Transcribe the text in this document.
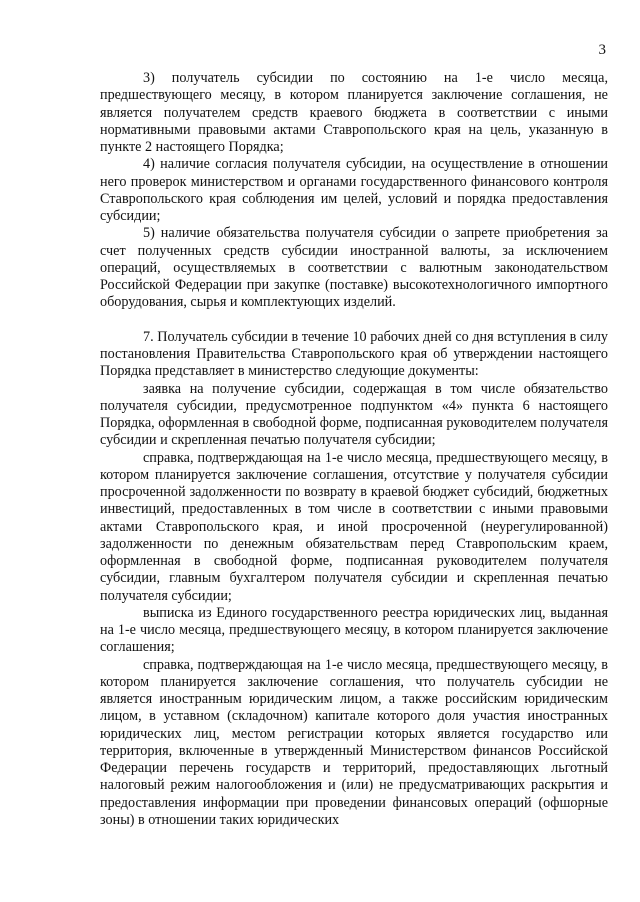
3

3) получатель субсидии по состоянию на 1-е число месяца, предшествующего месяцу, в котором планируется заключение соглашения, не является получателем средств краевого бюджета в соответствии с иными нормативными правовыми актами Ставропольского края на цель, указанную в пункте 2 настоящего Порядка;

4) наличие согласия получателя субсидии, на осуществление в отношении него проверок министерством и органами государственного финансового контроля Ставропольского края соблюдения им целей, условий и порядка предоставления субсидии;

5) наличие обязательства получателя субсидии о запрете приобретения за счет полученных средств субсидии иностранной валюты, за исключением операций, осуществляемых в соответствии с валютным законодательством Российской Федерации при закупке (поставке) высокотехнологичного импортного оборудования, сырья и комплектующих изделий.

7. Получатель субсидии в течение 10 рабочих дней со дня вступления в силу постановления Правительства Ставропольского края об утверждении настоящего Порядка представляет в министерство следующие документы:

заявка на получение субсидии, содержащая в том числе обязательство получателя субсидии, предусмотренное подпунктом «4» пункта 6 настоящего Порядка, оформленная в свободной форме, подписанная руководителем получателя субсидии и скрепленная печатью получателя субсидии;

справка, подтверждающая на 1-е число месяца, предшествующего месяцу, в котором планируется заключение соглашения, отсутствие у получателя субсидии просроченной задолженности по возврату в краевой бюджет субсидий, бюджетных инвестиций, предоставленных в том числе в соответствии с иными правовыми актами Ставропольского края, и иной просроченной (неурегулированной) задолженности по денежным обязательствам перед Ставропольским краем, оформленная в свободной форме, подписанная руководителем получателя субсидии, главным бухгалтером получателя субсидии и скрепленная печатью получателя субсидии;

выписка из Единого государственного реестра юридических лиц, выданная на 1-е число месяца, предшествующего месяцу, в котором планируется заключение соглашения;

справка, подтверждающая на 1-е число месяца, предшествующего месяцу, в котором планируется заключение соглашения, что получатель субсидии не является иностранным юридическим лицом, а также российским юридическим лицом, в уставном (складочном) капитале которого доля участия иностранных юридических лиц, местом регистрации которых является государство или территория, включенные в утвержденный Министерством финансов Российской Федерации перечень государств и территорий, предоставляющих льготный налоговый режим налогообложения и (или) не предусматривающих раскрытия и предоставления информации при проведении финансовых операций (офшорные зоны) в отношении таких юридических
